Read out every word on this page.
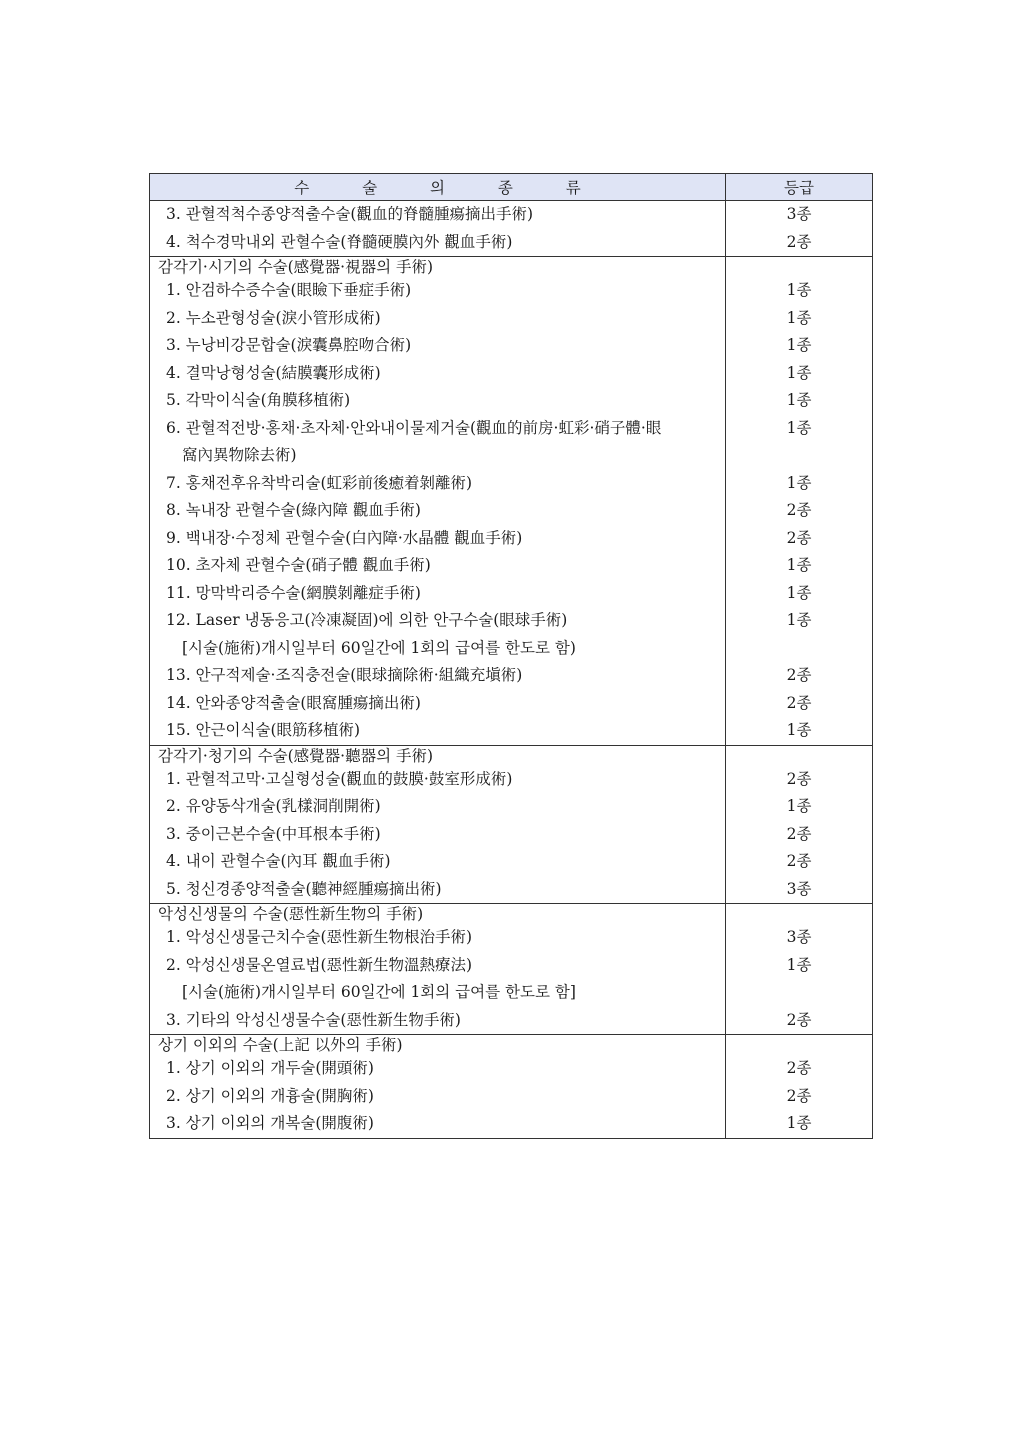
수 술 의 종 류	등급
3. 관혈적척수종양적출수술(觀血的脊髓腫瘍摘出手術)	3종
4. 척수경막내외 관혈수술(脊髓硬膜內外 觀血手術)	2종
감각기·시기의 수술(感覺器·視器의 手術)	
1. 안검하수증수술(眼瞼下垂症手術)	1종
2. 누소관형성술(淚小管形成術)	1종
3. 누낭비강문합술(淚囊鼻腔吻合術)	1종
4. 결막낭형성술(結膜囊形成術)	1종
5. 각막이식술(角膜移植術)	1종
6. 관혈적전방·홍채·초자체·안와내이물제거술(觀血的前房·虹彩·硝子體·眼	1종
窩內異物除去術)	
7. 홍채전후유착박리술(虹彩前後癒着剝離術)	1종
8. 녹내장 관혈수술(綠內障 觀血手術)	2종
9. 백내장·수정체 관혈수술(白內障·水晶體 觀血手術)	2종
10. 초자체 관혈수술(硝子體 觀血手術)	1종
11. 망막박리증수술(網膜剝離症手術)	1종
12. Laser 냉동응고(冷凍凝固)에 의한 안구수술(眼球手術)	1종
[시술(施術)개시일부터 60일간에 1회의 급여를 한도로 함)	
13. 안구적제술·조직충전술(眼球摘除術·組織充塡術)	2종
14. 안와종양적출술(眼窩腫瘍摘出術)	2종
15. 안근이식술(眼筋移植術)	1종
감각기·청기의 수술(感覺器·聽器의 手術)	
1. 관혈적고막·고실형성술(觀血的鼓膜·鼓室形成術)	2종
2. 유양동삭개술(乳樣洞削開術)	1종
3. 중이근본수술(中耳根本手術)	2종
4. 내이 관혈수술(內耳 觀血手術)	2종
5. 청신경종양적출술(聽神經腫瘍摘出術)	3종
악성신생물의 수술(惡性新生物의 手術)	
1. 악성신생물근치수술(惡性新生物根治手術)	3종
2. 악성신생물온열료법(惡性新生物溫熱療法)	1종
[시술(施術)개시일부터 60일간에 1회의 급여를 한도로 함]	
3. 기타의 악성신생물수술(惡性新生物手術)	2종
상기 이외의 수술(上記 以外의 手術)	
1. 상기 이외의 개두술(開頭術)	2종
2. 상기 이외의 개흉술(開胸術)	2종
3. 상기 이외의 개복술(開腹術)	1종
